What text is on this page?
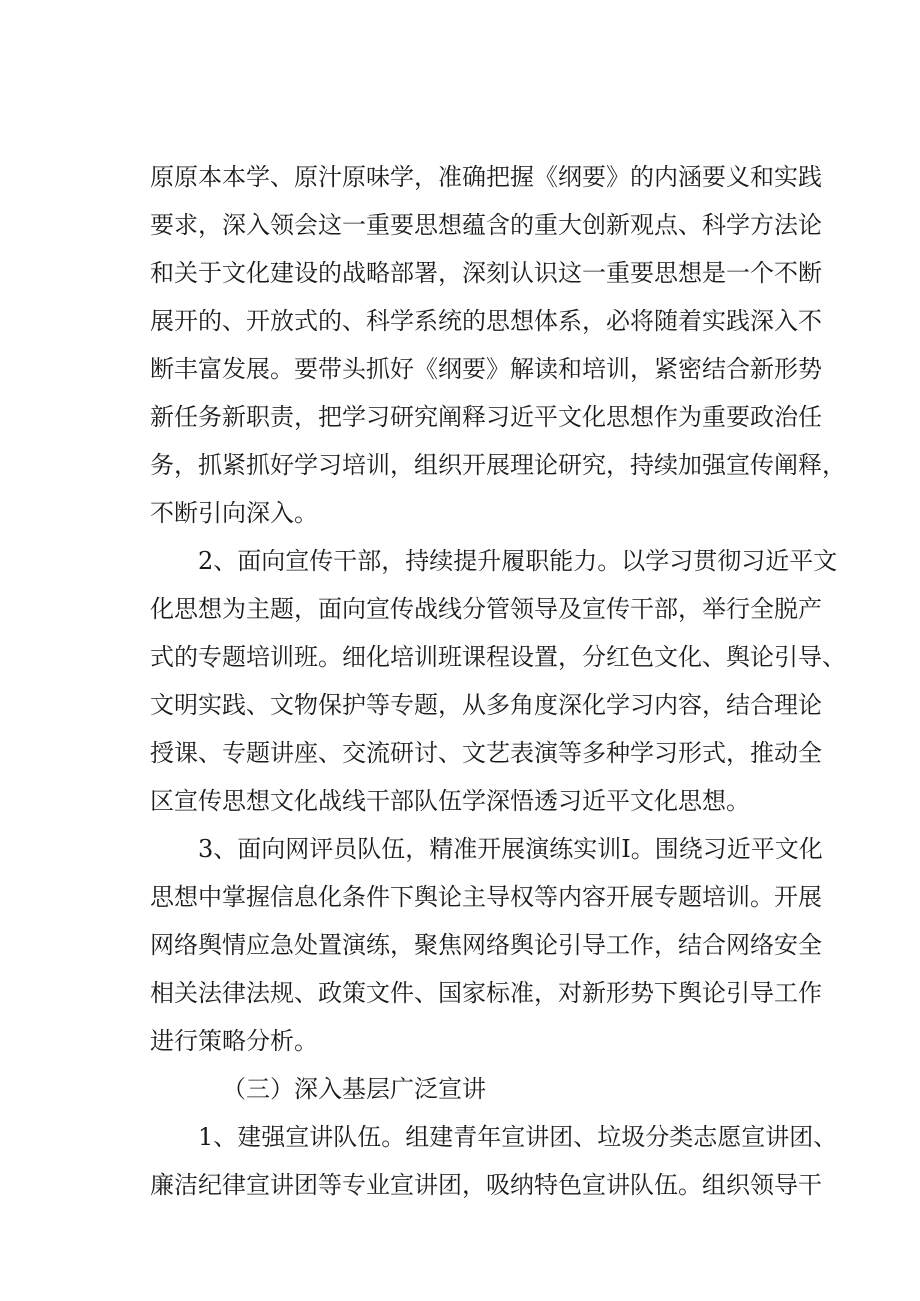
原原本本学、原汁原味学，准确把握《纲要》的内涵要义和实践
要求，深入领会这一重要思想蕴含的重大创新观点、科学方法论
和关于文化建设的战略部署，深刻认识这一重要思想是一个不断
展开的、开放式的、科学系统的思想体系，必将随着实践深入不
断丰富发展。要带头抓好《纲要》解读和培训，紧密结合新形势
新任务新职责，把学习研究阐释习近平文化思想作为重要政治任
务，抓紧抓好学习培训，组织开展理论研究，持续加强宣传阐释，
不断引向深入。
2、面向宣传干部，持续提升履职能力。以学习贯彻习近平文
化思想为主题，面向宣传战线分管领导及宣传干部，举行全脱产
式的专题培训班。细化培训班课程设置，分红色文化、舆论引导、
文明实践、文物保护等专题，从多角度深化学习内容，结合理论
授课、专题讲座、交流研讨、文艺表演等多种学习形式，推动全
区宣传思想文化战线干部队伍学深悟透习近平文化思想。
3、面向网评员队伍，精准开展演练实训I。围绕习近平文化
思想中掌握信息化条件下舆论主导权等内容开展专题培训。开展
网络舆情应急处置演练，聚焦网络舆论引导工作，结合网络安全
相关法律法规、政策文件、国家标准，对新形势下舆论引导工作
进行策略分析。
（三）深入基层广泛宣讲
1、建强宣讲队伍。组建青年宣讲团、垃圾分类志愿宣讲团、
廉洁纪律宣讲团等专业宣讲团，吸纳特色宣讲队伍。组织领导干
